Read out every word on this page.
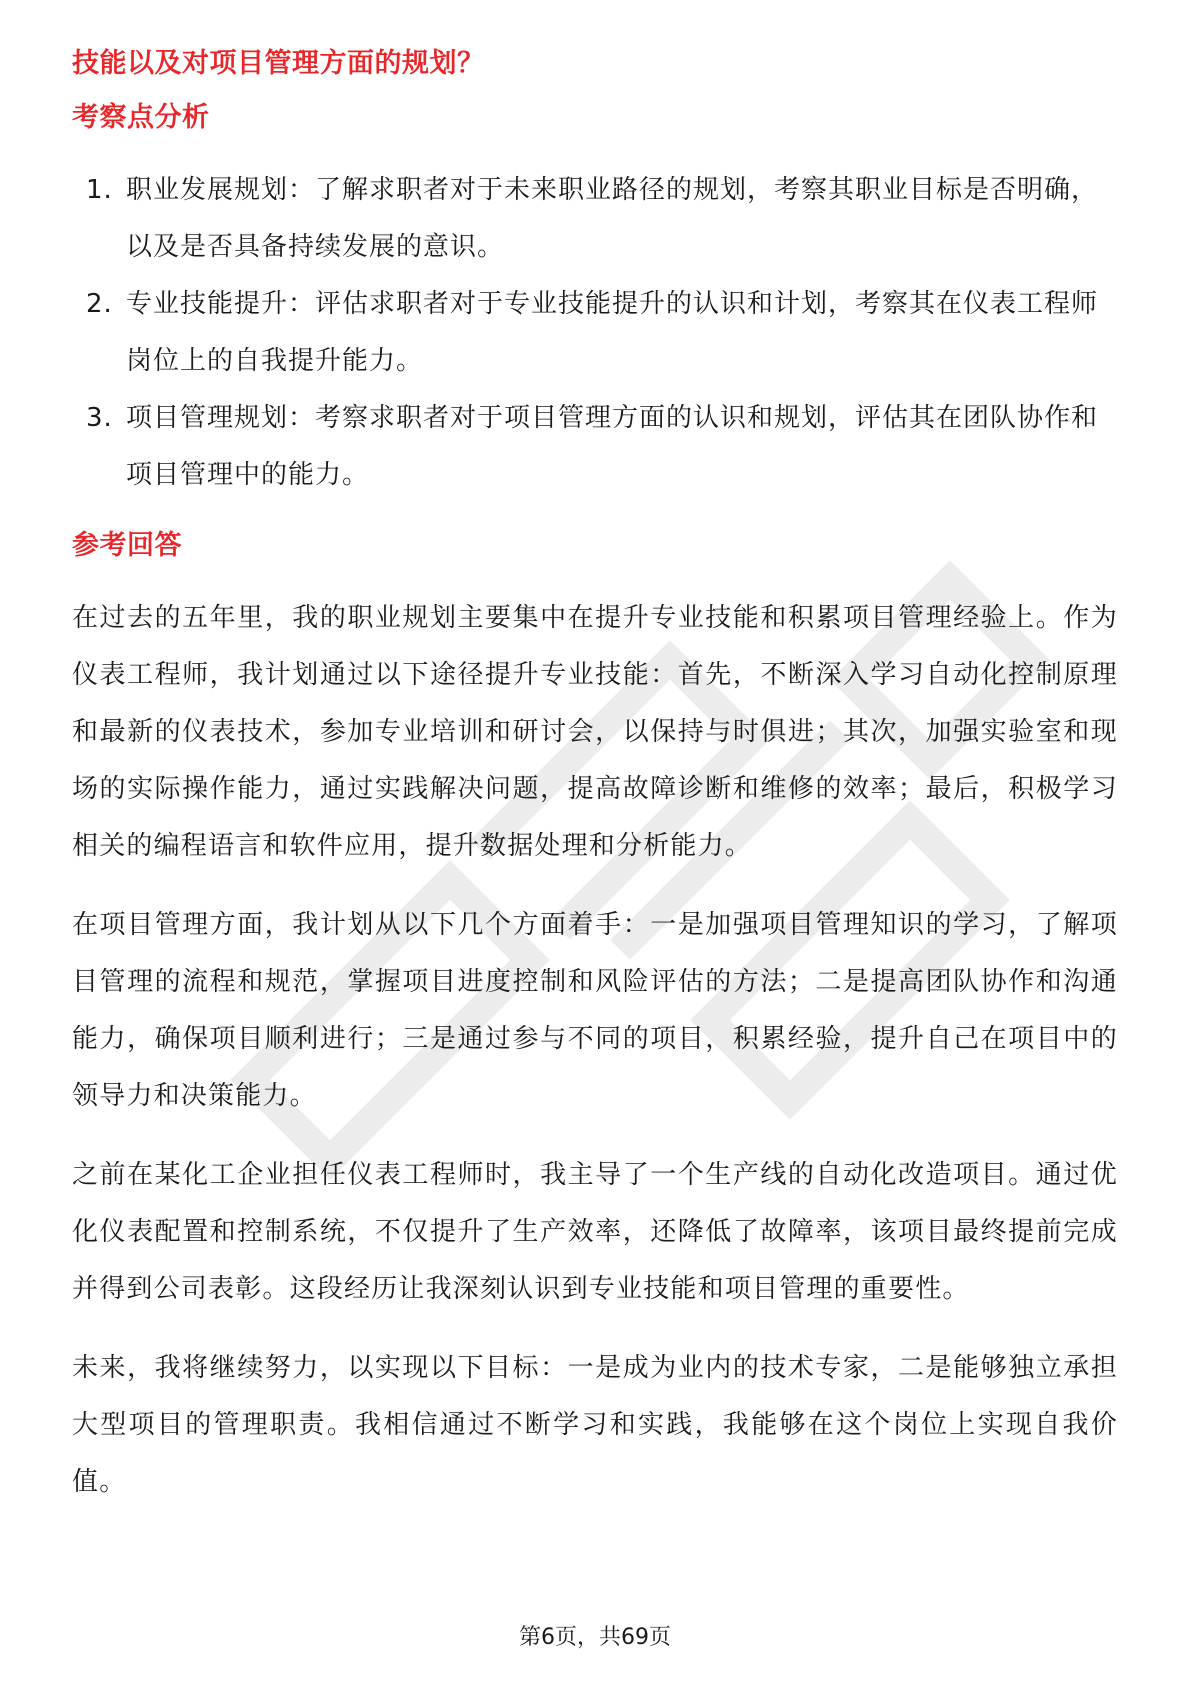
技能以及对项目管理方面的规划？
考察点分析
1. 职业发展规划：了解求职者对于未来职业路径的规划，考察其职业目标是否明确，以及是否具备持续发展的意识。
2. 专业技能提升：评估求职者对于专业技能提升的认识和计划，考察其在仪表工程师岗位上的自我提升能力。
3. 项目管理规划：考察求职者对于项目管理方面的认识和规划，评估其在团队协作和项目管理中的能力。
参考回答

在过去的五年里，我的职业规划主要集中在提升专业技能和积累项目管理经验上。作为仪表工程师，我计划通过以下途径提升专业技能：首先，不断深入学习自动化控制原理和最新的仪表技术，参加专业培训和研讨会，以保持与时俱进；其次，加强实验室和现场的实际操作能力，通过实践解决问题，提高故障诊断和维修的效率；最后，积极学习相关的编程语言和软件应用，提升数据处理和分析能力。

在项目管理方面，我计划从以下几个方面着手：一是加强项目管理知识的学习，了解项目管理的流程和规范，掌握项目进度控制和风险评估的方法；二是提高团队协作和沟通能力，确保项目顺利进行；三是通过参与不同的项目，积累经验，提升自己在项目中的领导力和决策能力。

之前在某化工企业担任仪表工程师时，我主导了一个生产线的自动化改造项目。通过优化仪表配置和控制系统，不仅提升了生产效率，还降低了故障率，该项目最终提前完成并得到公司表彰。这段经历让我深刻认识到专业技能和项目管理的重要性。

未来，我将继续努力，以实现以下目标：一是成为业内的技术专家，二是能够独立承担大型项目的管理职责。我相信通过不断学习和实践，我能够在这个岗位上实现自我价值。

第6页，共69页
